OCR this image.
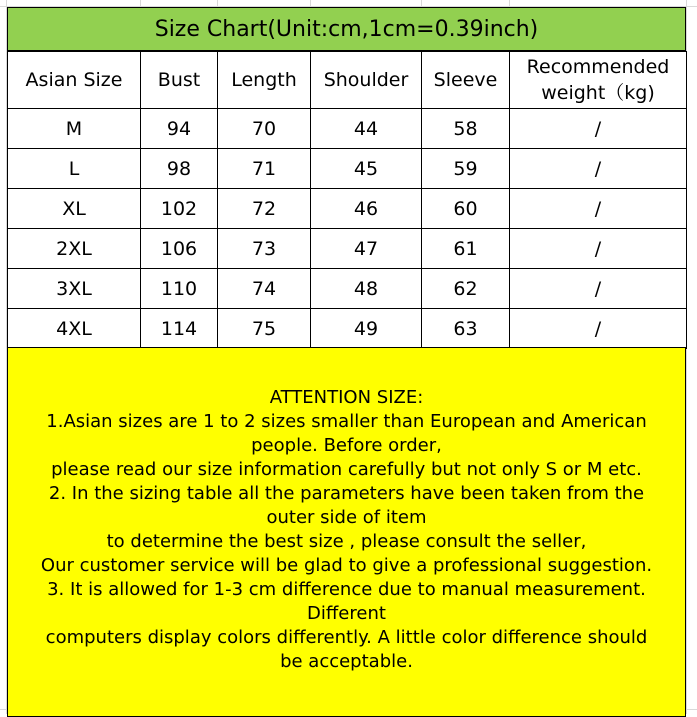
Size Chart(Unit:cm,1cm=0.39inch)
Asian Size	Bust	Length	Shoulder	Sleeve	Recommended
weight（kg)

M	94	70	44	58	/
L	98	71	45	59	/
XL	102	72	46	60	/
2XL	106	73	47	61	/
3XL	110	74	48	62	/
4XL	114	75	49	63	/
ATTENTION SIZE:
1.Asian sizes are 1 to 2 sizes smaller than European and American
people. Before order,
please read our size information carefully but not only S or M etc.
2. In the sizing table all the parameters have been taken from the
outer side of item
to determine the best size , please consult the seller,
Our customer service will be glad to give a professional suggestion.
3. It is allowed for 1-3 cm difference due to manual measurement.
Different
computers display colors differently. A little color difference should
be acceptable.
